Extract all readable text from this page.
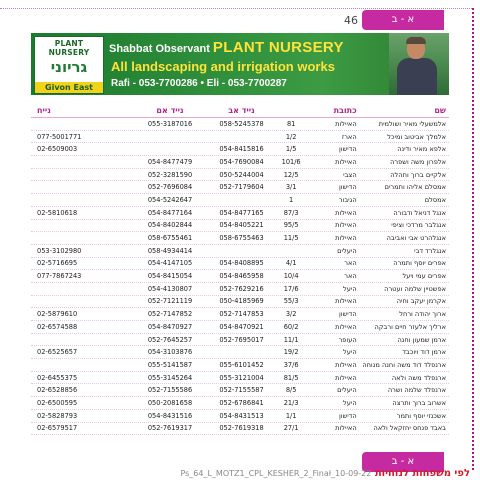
46	א - ב
PLANT NURSERY
גריוני
Givon East
Shabbat Observant PLANT NURSERY
All landscaping and irrigation works
Rafi - 053-7700286 • Eli - 053-7700287
שם
כתובת
נייד אב
נייד אם
נייח
אלמשעלי מאיר ושולמית
האיילות
81
058-5245378
055-3187016
אלמלך אביטוב ומיכל
הארז
1/2
077-5001771
אלפא מאיר ודינה
הדישון
1/5
054-8415816
02-6509003
אלפרון משה ושפרה
האיילות
101/6
054-7690084
054-8477479
אלקיים ברוך ותהלה
הצבי
12/5
050-5244004
052-3281590
אמסלם אליהו ותמרים
הדישון
3/1
052-7179604
052-7696084
אמסלם
הגיבור
1
054-5242647
אנגל דניאל ודבורה
האיילות
87/3
054-8477165
054-8477164
02-5810618
אנגלבר מרדכי וציפי
האיילות
95/5
054-8405221
054-8402844
אנגלהרט אבי ואביבה
האיילות
11/5
058-6755463
058-6755461
אנגלרד דבי
היעלים
058-4934414
053-3102980
אפרים יוסף ותמרה
האר
4/1
054-8408895
054-4147105
02-5716695
אפרים עמי ויעל
האר
10/4
054-8465958
054-8415054
077-7867243
אפשטיין שלמה ועטרה
היעל
17/6
052-7629216
054-4130807
אקרמן יעקב וחיה
האיילות
55/3
050-4185969
052-7121119
ארוך יהודה ורחל
הדישון
3/2
052-7147853
052-7147852
02-5879610
ארליך אלעזר חיים ורבקה
האיילות
60/2
054-8470921
054-8470927
02-6574588
ארמן שמעון וחנה
העופר
11/1
052-7695017
052-7645257
ארמן דוד ויוכבד
היעל
19/2
054-3103876
02-6525657
ארנפלד דוד משה וחנה מנוחה
האיילות
37/6
055-6101452
055-5141587
ארנפלד משה ולאה
האיילות
81/5
055-3121004
055-3145264
02-6455375
ארנפלד שלמה ושרה
היעלים
8/5
052-7155587
052-7155586
02-6528856
אשרוב ברוך ותרצה
היעל
21/3
052-6786841
050-2081658
02-6500595
אשכנזי יוסף ותמר
הדישון
1/1
054-8431513
054-8431516
02-5828793
באבד פנחס יחזקאל ולאה
האיילות
27/1
052-7619318
052-7619317
02-6579517
א - ב
לפי משפחות לנוחיות Ps_64_L_MOTZ1_CPL_KESHER_2_Finał_10-09-22
